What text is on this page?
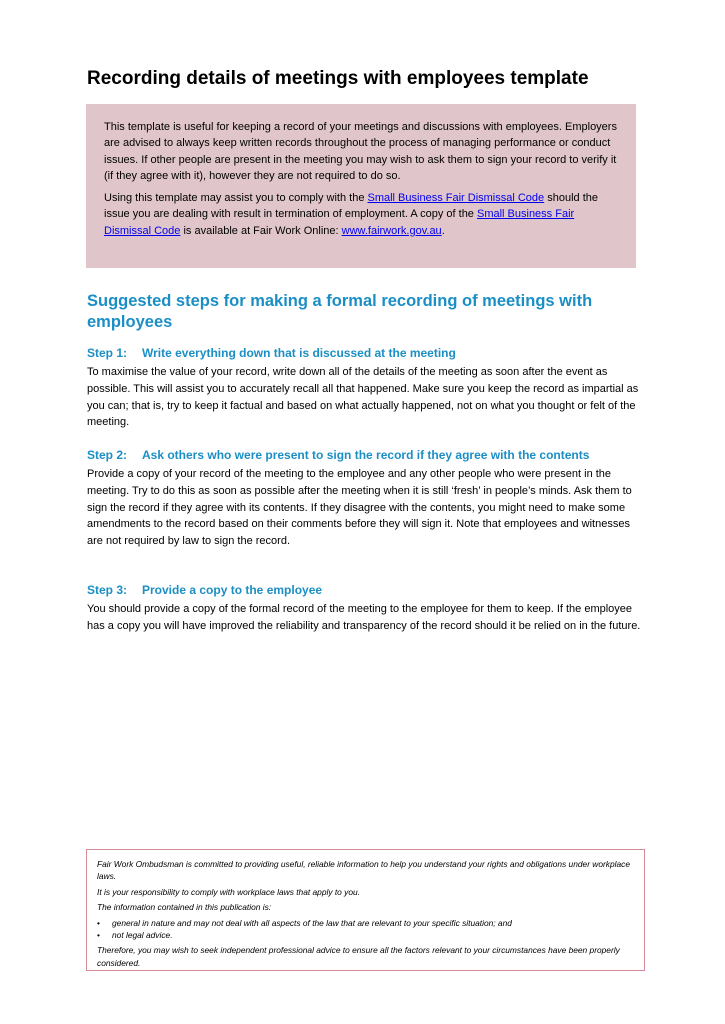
Recording details of meetings with employees template

This template is useful for keeping a record of your meetings and discussions with employees. Employers are advised to always keep written records throughout the process of managing performance or conduct issues. If other people are present in the meeting you may wish to ask them to sign your record to verify it (if they agree with it), however they are not required to do so.

Using this template may assist you to comply with the Small Business Fair Dismissal Code should the issue you are dealing with result in termination of employment. A copy of the Small Business Fair Dismissal Code is available at Fair Work Online: www.fairwork.gov.au.

Suggested steps for making a formal recording of meetings with employees
Step 1:	Write everything down that is discussed at the meeting

To maximise the value of your record, write down all of the details of the meeting as soon after the event as possible. This will assist you to accurately recall all that happened. Make sure you keep the record as impartial as you can; that is, try to keep it factual and based on what actually happened, not on what you thought or felt of the meeting.

Step 2:	Ask others who were present to sign the record if they agree with the contents

Provide a copy of your record of the meeting to the employee and any other people who were present in the meeting. Try to do this as soon as possible after the meeting when it is still ‘fresh’ in people’s minds. Ask them to sign the record if they agree with its contents. If they disagree with the contents, you might need to make some amendments to the record based on their comments before they will sign it. Note that employees and witnesses are not required by law to sign the record.

Step 3:	Provide a copy to the employee

You should provide a copy of the formal record of the meeting to the employee for them to keep. If the employee has a copy you will have improved the reliability and transparency of the record should it be relied on in the future.

Fair Work Ombudsman is committed to providing useful, reliable information to help you understand your rights and obligations under workplace laws.

It is your responsibility to comply with workplace laws that apply to you.

The information contained in this publication is:

•	general in nature and may not deal with all aspects of the law that are relevant to your specific situation; and
•	not legal advice.

Therefore, you may wish to seek independent professional advice to ensure all the factors relevant to your circumstances have been properly considered.
